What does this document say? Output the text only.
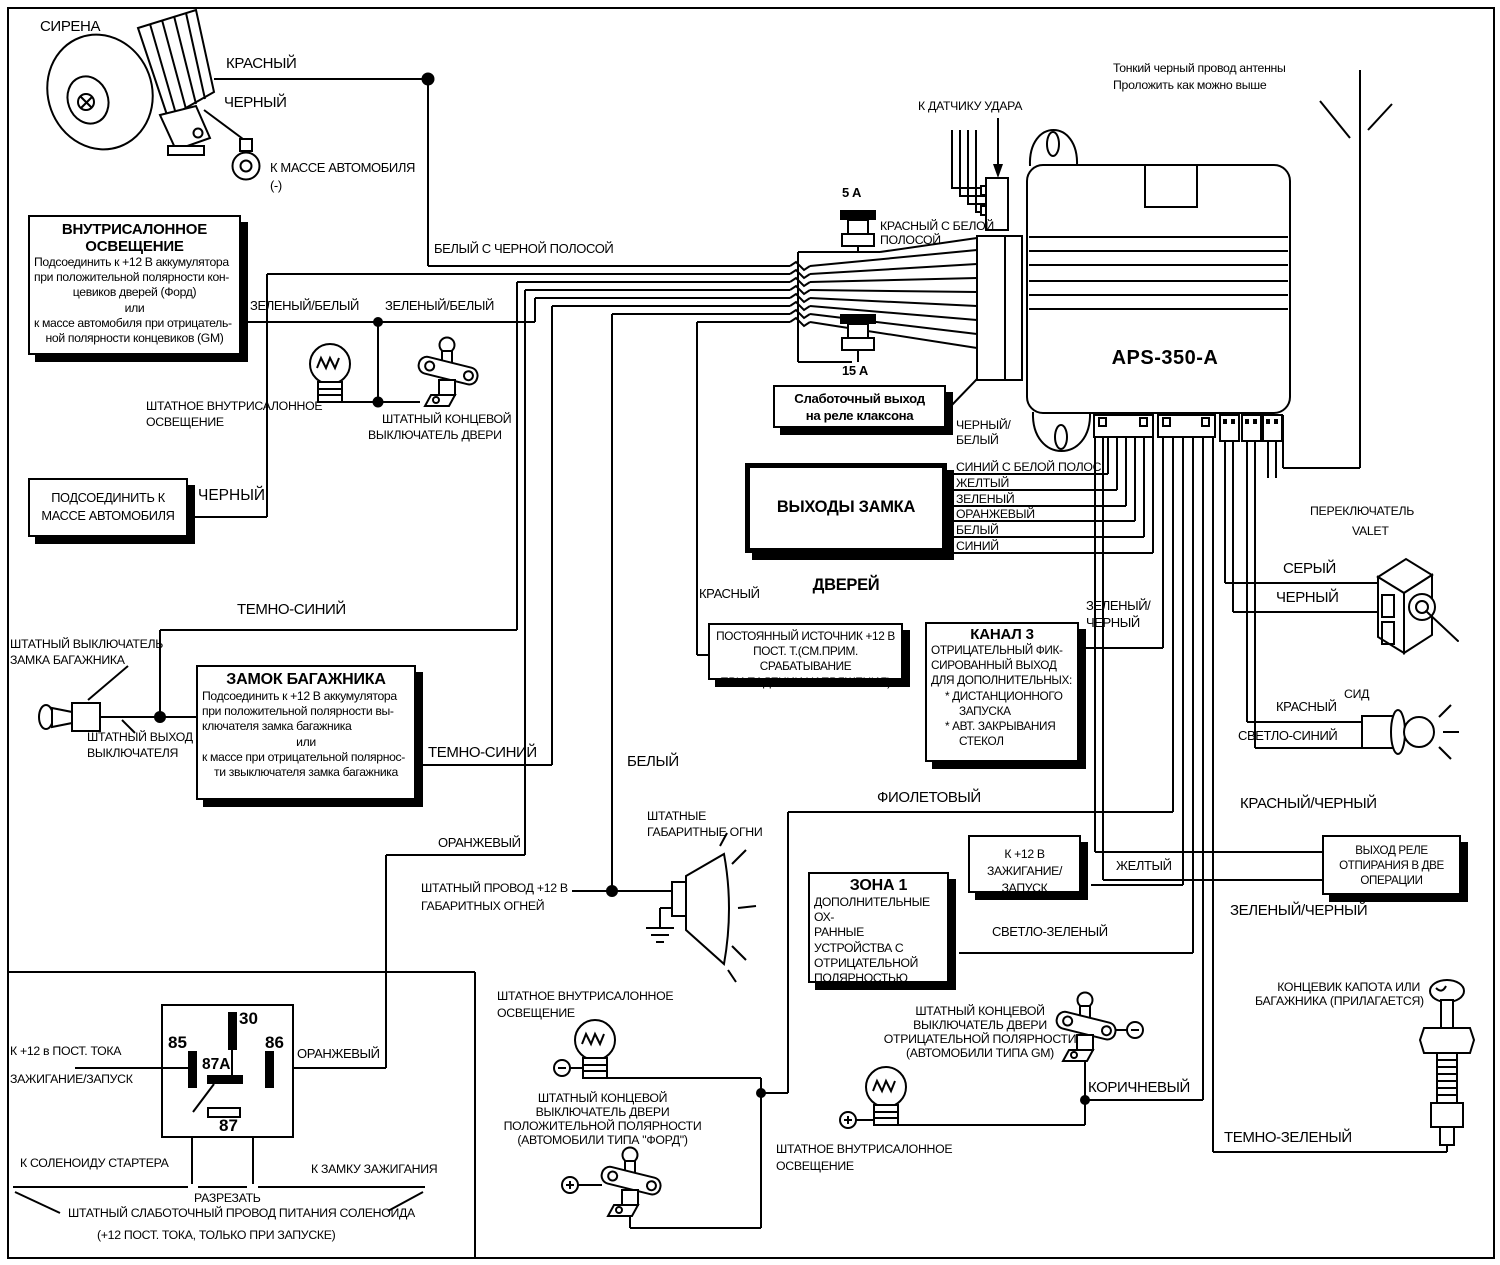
СИРЕНА
КРАСНЫЙ
ЧЕРНЫЙ
К МАССЕ АВТОМОБИЛЯ
(-)
Тонкий черный провод антенны
Проложить как можно выше
К ДАТЧИКУ УДАРА
5 А
КРАСНЫЙ С БЕЛОЙ
ПОЛОСОЙ
15 А
БЕЛЫЙ С ЧЕРНОЙ ПОЛОСОЙ
ЗЕЛЕНЫЙ/БЕЛЫЙ ЗЕЛЕНЫЙ/БЕЛЫЙ
ЧЕРНЫЙ/
БЕЛЫЙ
ШТАТНОЕ ВНУТРИСАЛОННОЕ
ОСВЕЩЕНИЕ	ШТАТНЫЙ КОНЦЕВОЙ
ВЫКЛЮЧАТЕЛЬ ДВЕРИ
ЧЕРНЫЙ
APS-350-A
СИНИЙ С БЕЛОЙ ПОЛОС.
ЖЕЛТЫЙ
ЗЕЛЕНЫЙ
ОРАНЖЕВЫЙ
БЕЛЫЙ
СИНИЙ
ПЕРЕКЛЮЧАТЕЛЬ
VALET
СЕРЫЙ
ЧЕРНЫЙ
ТЕМНО-СИНИЙ
КРАСНЫЙ
ЗЕЛЕНЫЙ/
ЧЕРНЫЙ
ШТАТНЫЙ ВЫКЛЮЧАТЕЛЬ
ЗАМКА БАГАЖНИКА
ШТАТНЫЙ ВЫХОД
ВЫКЛЮЧАТЕЛЯ
СИД
КРАСНЫЙ
СВЕТЛО-СИНИЙ
ТЕМНО-СИНИЙ
БЕЛЫЙ
ФИОЛЕТОВЫЙ	КРАСНЫЙ/ЧЕРНЫЙ
ЗЕЛЕНЫЙ/ЧЕРНЫЙ
ОРАНЖЕВЫЙ
ШТАТНЫЕ
ГАБАРИТНЫЕ ОГНИ
ШТАТНЫЙ ПРОВОД +12 В
ГАБАРИТНЫХ ОГНЕЙ
ЖЕЛТЫЙ
СВЕТЛО-ЗЕЛЕНЫЙ
ШТАТНОЕ ВНУТРИСАЛОННОЕ
ОСВЕЩЕНИЕ
ШТАТНЫЙ КОНЦЕВОЙ
ВЫКЛЮЧАТЕЛЬ ДВЕРИ
ПОЛОЖИТЕЛЬНОЙ ПОЛЯРНОСТИ
(АВТОМОБИЛИ ТИПА "ФОРД")
ШТАТНЫЙ КОНЦЕВОЙ
ВЫКЛЮЧАТЕЛЬ ДВЕРИ
ОТРИЦАТЕЛЬНОЙ ПОЛЯРНОСТИ
(АВТОМОБИЛИ ТИПА GM)
КОРИЧНЕВЫЙ
ШТАТНОЕ ВНУТРИСАЛОННОЕ
ОСВЕЩЕНИЕ
КОНЦЕВИК КАПОТА ИЛИ
БАГАЖНИКА (ПРИЛАГАЕТСЯ)
ТЕМНО-ЗЕЛЕНЫЙ
30
85	86
87А
87
К +12 в ПОСТ. ТОКА
ЗАЖИГАНИЕ/ЗАПУСК
ОРАНЖЕВЫЙ
К СОЛЕНОИДУ СТАРТЕРА	К ЗАМКУ ЗАЖИГАНИЯ
РАЗРЕЗАТЬ
ШТАТНЫЙ СЛАБОТОЧНЫЙ ПРОВОД ПИТАНИЯ СОЛЕНОИДА
(+12 ПОСТ. ТОКА, ТОЛЬКО ПРИ ЗАПУСКЕ)
ВНУТРИСАЛОННОЕ
ОСВЕЩЕНИЕ
Подсоединить к +12 В аккумулятора
при положительной полярности кон-
цевиков дверей (Форд)
или
к массе автомобиля при отрицатель-
ной полярности концевиков (GM)
ПОДСОЕДИНИТЬ К
МАССЕ АВТОМОБИЛЯ
Слаботочный выход
на реле клаксона
ВЫХОДЫ ЗАМКА ДВЕРЕЙ
ЗАМОК БАГАЖНИКА
Подсоединить к +12 В аккумулятора
при положительной полярности вы-
ключателя замка багажника
или
к массе при отрицательной полярнос-
ти звыключателя замка багажника
ПОСТОЯННЫЙ ИСТОЧНИК +12 В
ПОСТ. Т.(СМ.ПРИМ. СРАБАТЫВАНИЕ
ПРИ ПАДЕНИИ НАПРЯЖЕНИЯ)
КАНАЛ 3
ОТРИЦАТЕЛЬНЫЙ ФИК-
СИРОВАННЫЙ ВЫХОД
ДЛЯ ДОПОЛНИТЕЛЬНЫХ:
* ДИСТАНЦИОННОГО
ЗАПУСКА
* АВТ. ЗАКРЫВАНИЯ
СТЕКОЛ
ЗОНА 1
ДОПОЛНИТЕЛЬНЫЕ ОХ-
РАННЫЕ УСТРОЙСТВА С
ОТРИЦАТЕЛЬНОЙ
ПОЛЯРНОСТЬЮ
К +12 В
ЗАЖИГАНИЕ/ЗАПУСК
ВЫХОД РЕЛЕ
ОТПИРАНИЯ В ДВЕ
ОПЕРАЦИИ
